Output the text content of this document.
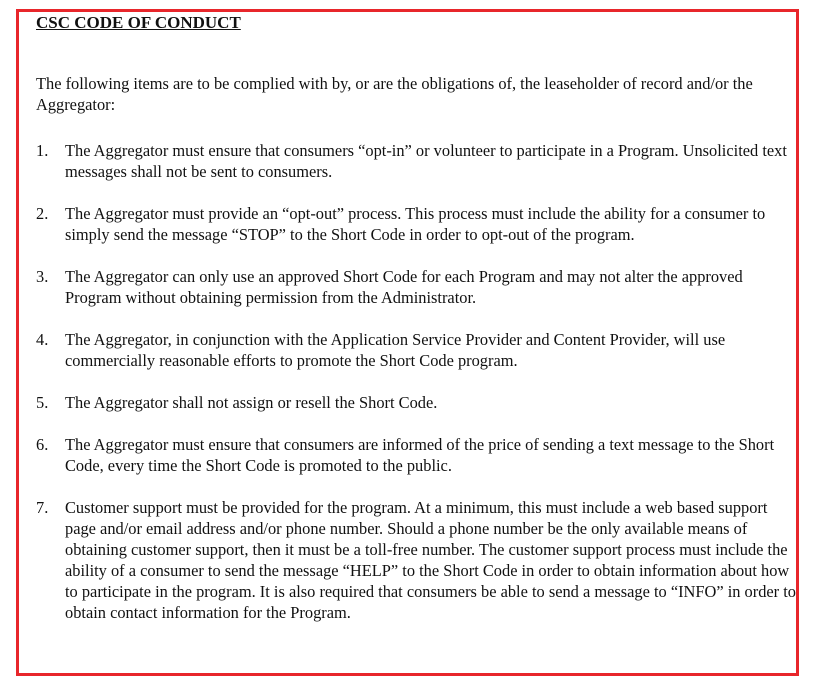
CSC CODE OF CONDUCT

The following items are to be complied with by, or are the obligations of, the leaseholder of record and/or the Aggregator:

1. The Aggregator must ensure that consumers “opt-in” or volunteer to participate in a Program. Unsolicited text messages shall not be sent to consumers.
2. The Aggregator must provide an “opt-out” process. This process must include the ability for a consumer to simply send the message “STOP” to the Short Code in order to opt-out of the program.
3. The Aggregator can only use an approved Short Code for each Program and may not alter the approved Program without obtaining permission from the Administrator.
4. The Aggregator, in conjunction with the Application Service Provider and Content Provider, will use commercially reasonable efforts to promote the Short Code program.
5. The Aggregator shall not assign or resell the Short Code.
6. The Aggregator must ensure that consumers are informed of the price of sending a text message to the Short Code, every time the Short Code is promoted to the public.
7. Customer support must be provided for the program. At a minimum, this must include a web based support page and/or email address and/or phone number. Should a phone number be the only available means of obtaining customer support, then it must be a toll-free number. The customer support process must include the ability of a consumer to send the message “HELP” to the Short Code in order to obtain information about how to participate in the program. It is also required that consumers be able to send a message to “INFO” in order to obtain contact information for the Program.
